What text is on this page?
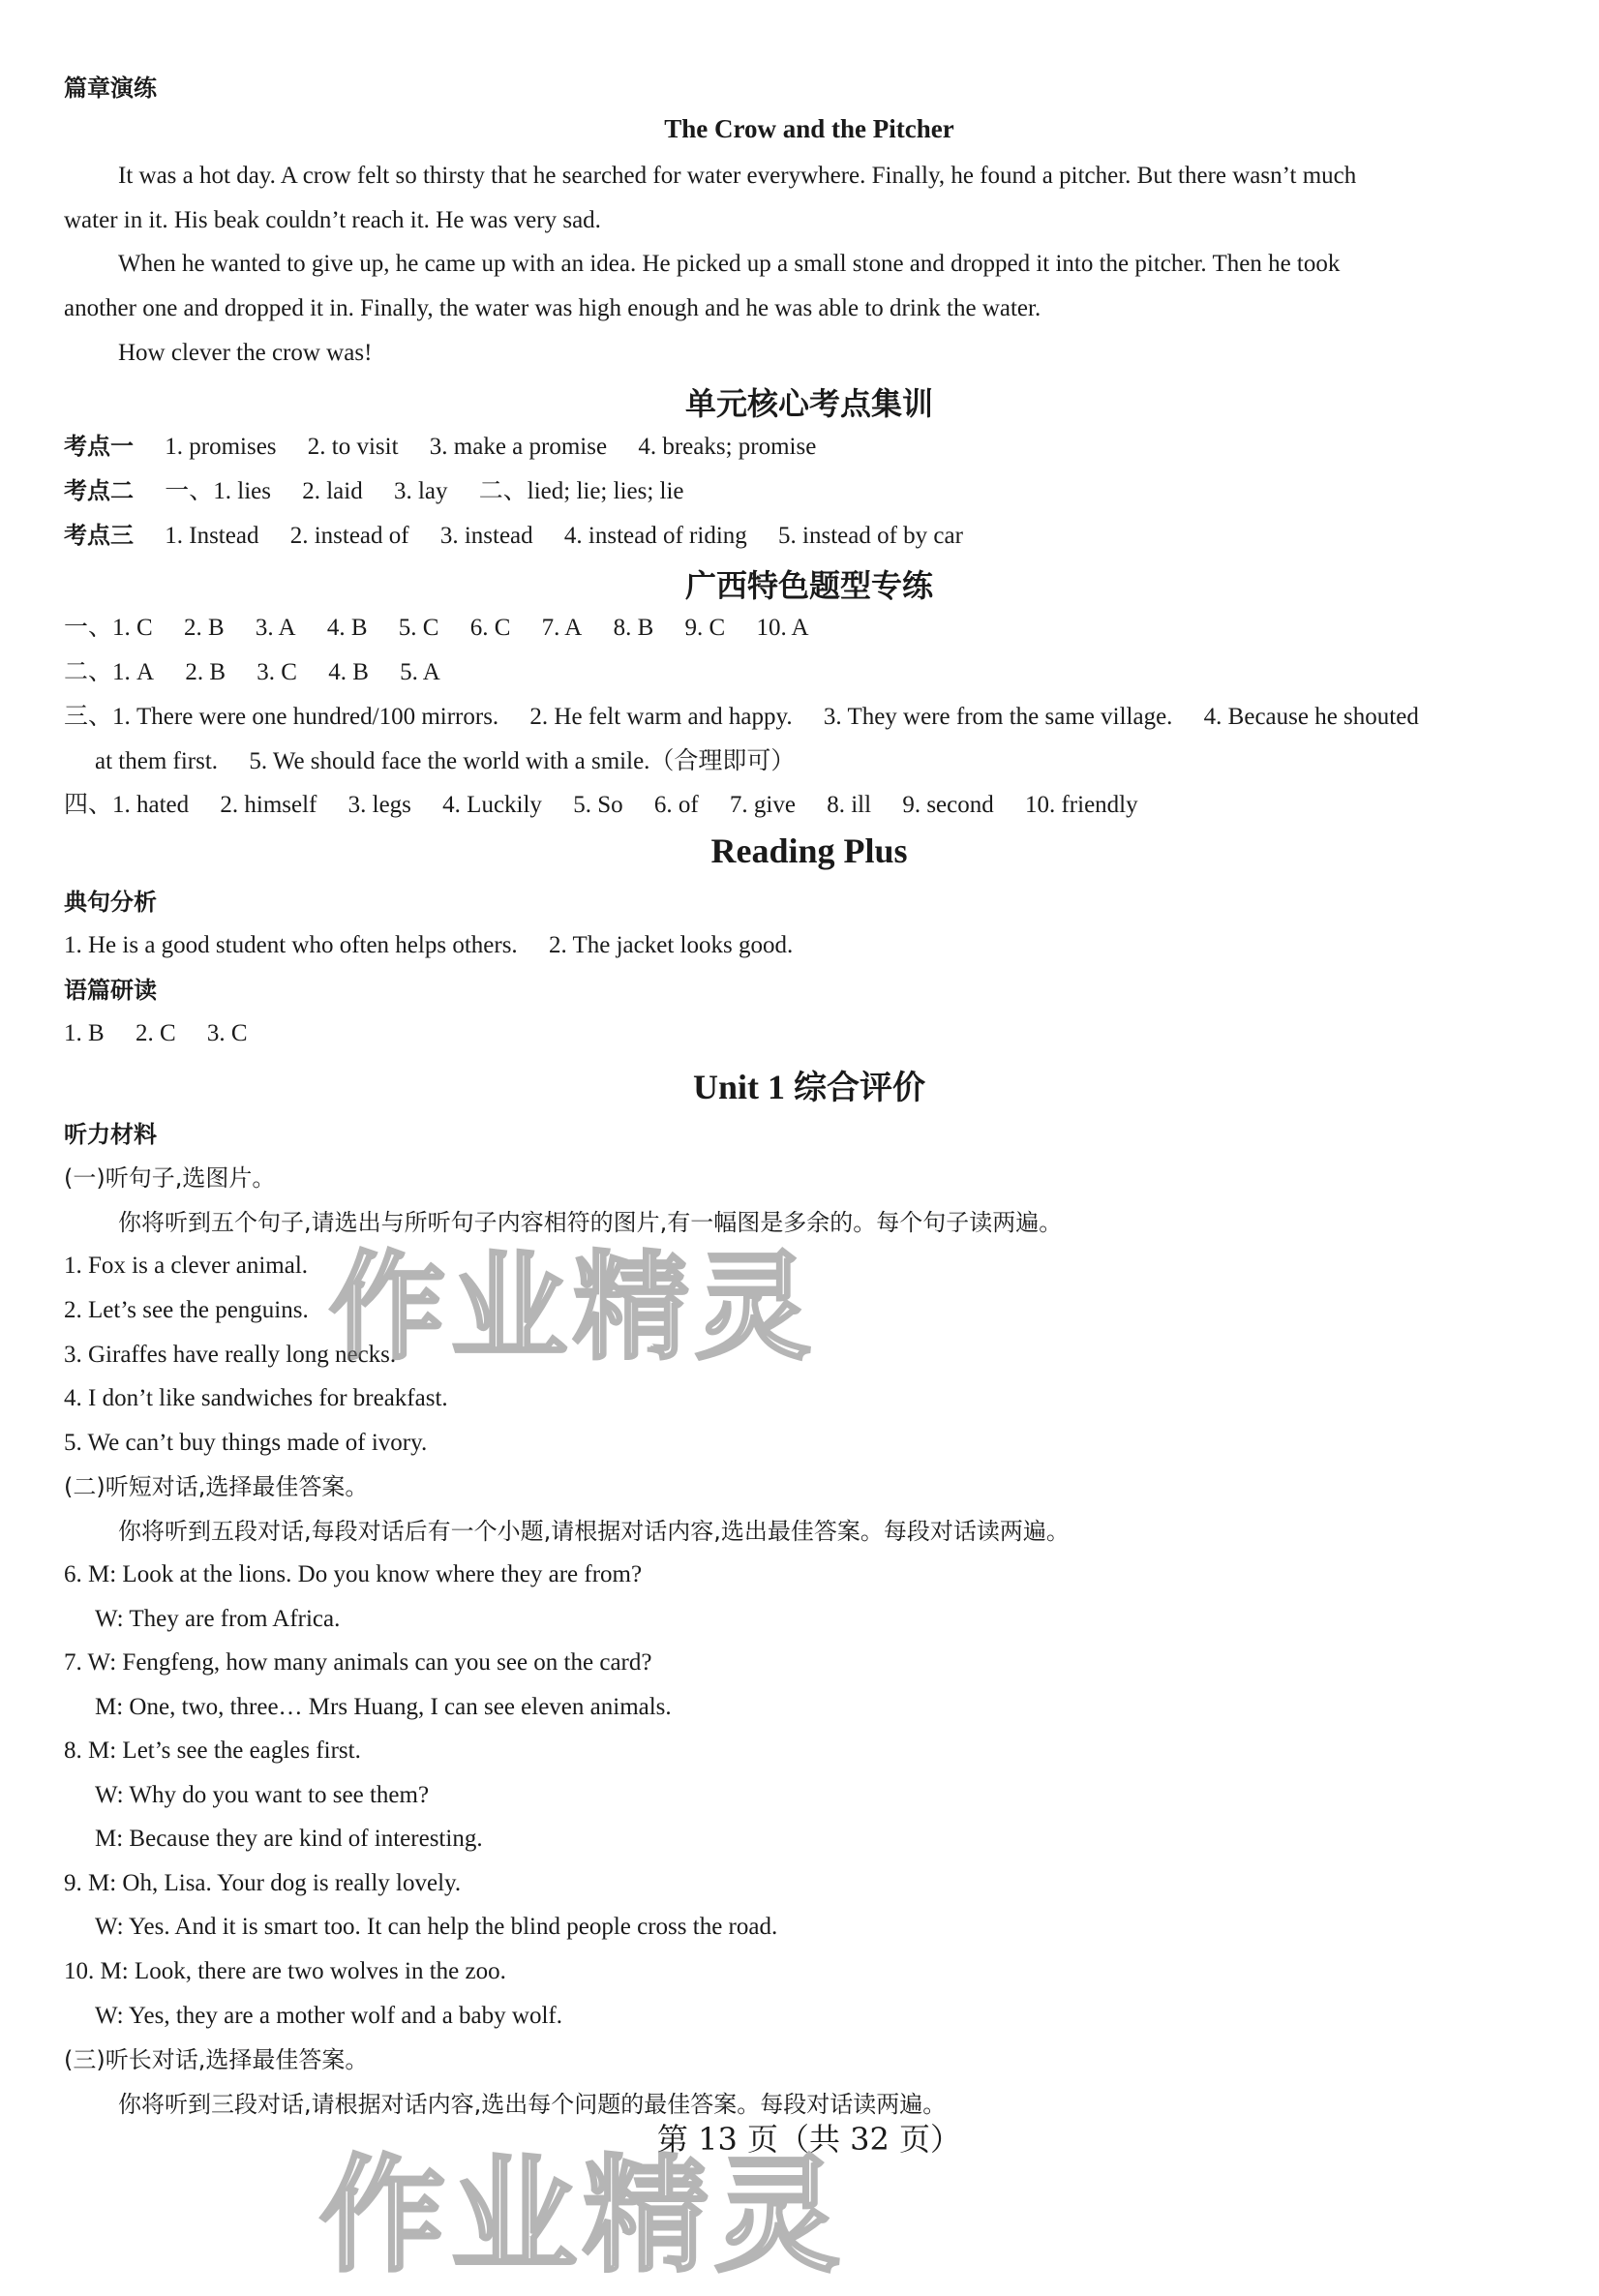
篇章演练
The Crow and the Pitcher
It was a hot day. A crow felt so thirsty that he searched for water everywhere. Finally, he found a pitcher. But there wasn’t much
water in it. His beak couldn’t reach it. He was very sad.
When he wanted to give up, he came up with an idea. He picked up a small stone and dropped it into the pitcher. Then he took
another one and dropped it in. Finally, the water was high enough and he was able to drink the water.
How clever the crow was!
单元核心考点集训
考点一 1. promises 2. to visit 3. make a promise 4. breaks; promise
考点二 一、1. lies 2. laid 3. lay 二、lied; lie; lies; lie
考点三 1. Instead 2. instead of 3. instead 4. instead of riding 5. instead of by car
广西特色题型专练
一、1. C 2. B 3. A 4. B 5. C 6. C 7. A 8. B 9. C 10. A
二、1. A 2. B 3. C 4. B 5. A
三、1. There were one hundred/100 mirrors. 2. He felt warm and happy. 3. They were from the same village. 4. Because he shouted
at them first. 5. We should face the world with a smile.（合理即可）
四、1. hated 2. himself 3. legs 4. Luckily 5. So 6. of 7. give 8. ill 9. second 10. friendly
Reading Plus
典句分析
1. He is a good student who often helps others. 2. The jacket looks good.
语篇研读
1. B 2. C 3. C
Unit 1 综合评价
听力材料
(一)听句子,选图片。
你将听到五个句子,请选出与所听句子内容相符的图片,有一幅图是多余的。每个句子读两遍。
1. Fox is a clever animal.
2. Let’s see the penguins.
3. Giraffes have really long necks.
4. I don’t like sandwiches for breakfast.
5. We can’t buy things made of ivory.
(二)听短对话,选择最佳答案。
你将听到五段对话,每段对话后有一个小题,请根据对话内容,选出最佳答案。每段对话读两遍。
6. M: Look at the lions. Do you know where they are from?
W: They are from Africa.
7. W: Fengfeng, how many animals can you see on the card?
M: One, two, three… Mrs Huang, I can see eleven animals.
8. M: Let’s see the eagles first.
W: Why do you want to see them?
M: Because they are kind of interesting.
9. M: Oh, Lisa. Your dog is really lovely.
W: Yes. And it is smart too. It can help the blind people cross the road.
10. M: Look, there are two wolves in the zoo.
W: Yes, they are a mother wolf and a baby wolf.
(三)听长对话,选择最佳答案。
你将听到三段对话,请根据对话内容,选出每个问题的最佳答案。每段对话读两遍。
第 13 页（共 32 页）
作业精灵
作业精灵
